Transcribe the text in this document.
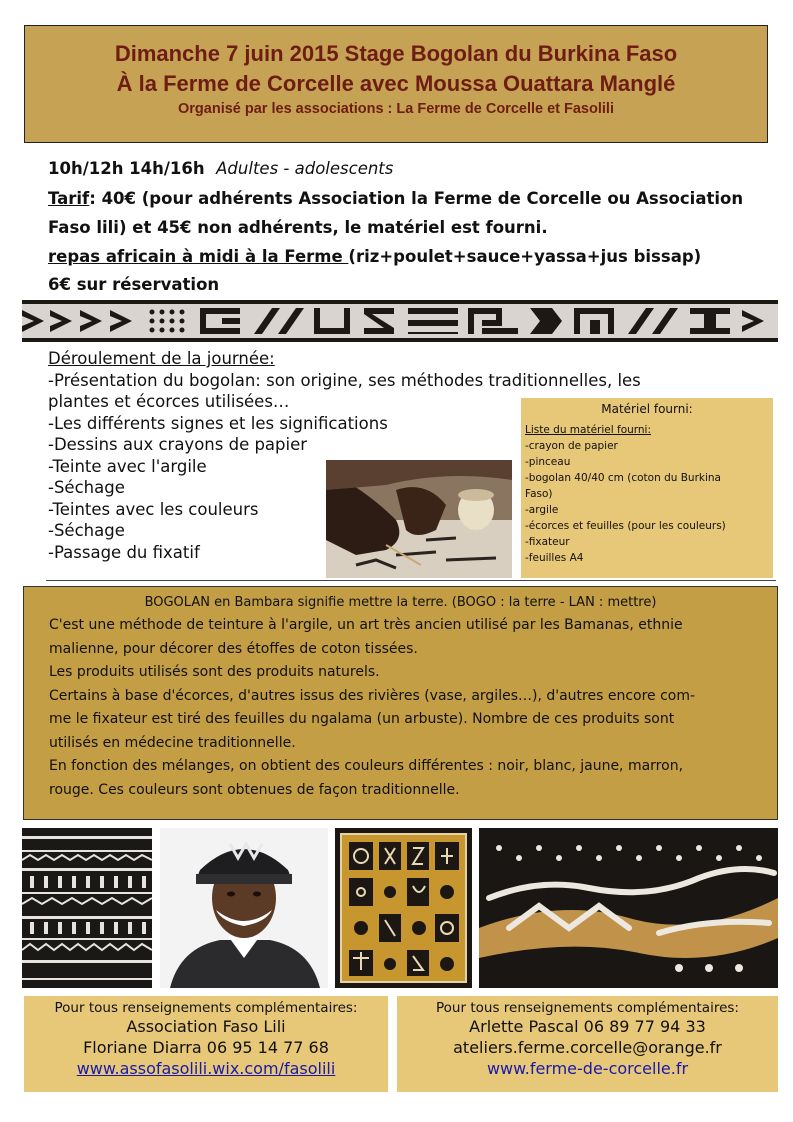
Dimanche 7 juin 2015 Stage Bogolan du Burkina Faso
À la Ferme de Corcelle avec Moussa Ouattara Manglé
Organisé par les associations : La Ferme de Corcelle et Fasolili
10h/12h 14h/16h Adultes - adolescents
Tarif: 40€ (pour adhérents Association la Ferme de Corcelle ou Association
Faso lili) et 45€ non adhérents, le matériel est fourni.
repas africain à midi à la Ferme (riz+poulet+sauce+yassa+jus bissap)
6€ sur réservation
Déroulement de la journée:
-Présentation du bogolan: son origine, ses méthodes traditionnelles, les
plantes et écorces utilisées…
-Les différents signes et les significations
-Dessins aux crayons de papier
-Teinte avec l'argile
-Séchage
-Teintes avec les couleurs
-Séchage
-Passage du fixatif
Matériel fourni:
Liste du matériel fourni:
-crayon de papier
-pinceau
-bogolan 40/40 cm (coton du Burkina
Faso)
-argile
-écorces et feuilles (pour les couleurs)
-fixateur
-feuilles A4
BOGOLAN en Bambara signifie mettre la terre. (BOGO : la terre - LAN : mettre)
C'est une méthode de teinture à l'argile, un art très ancien utilisé par les Bamanas, ethnie
malienne, pour décorer des étoffes de coton tissées.
Les produits utilisés sont des produits naturels.
Certains à base d'écorces, d'autres issus des rivières (vase, argiles…), d'autres encore com-
me le fixateur est tiré des feuilles du ngalama (un arbuste). Nombre de ces produits sont
utilisés en médecine traditionnelle.
En fonction des mélanges, on obtient des couleurs différentes : noir, blanc, jaune, marron,
rouge. Ces couleurs sont obtenues de façon traditionnelle.
Pour tous renseignements complémentaires:
Association Faso Lili
Floriane Diarra 06 95 14 77 68
www.assofasolili.wix.com/fasolili
Pour tous renseignements complémentaires:
Arlette Pascal 06 89 77 94 33
ateliers.ferme.corcelle@orange.fr
www.ferme-de-corcelle.fr
